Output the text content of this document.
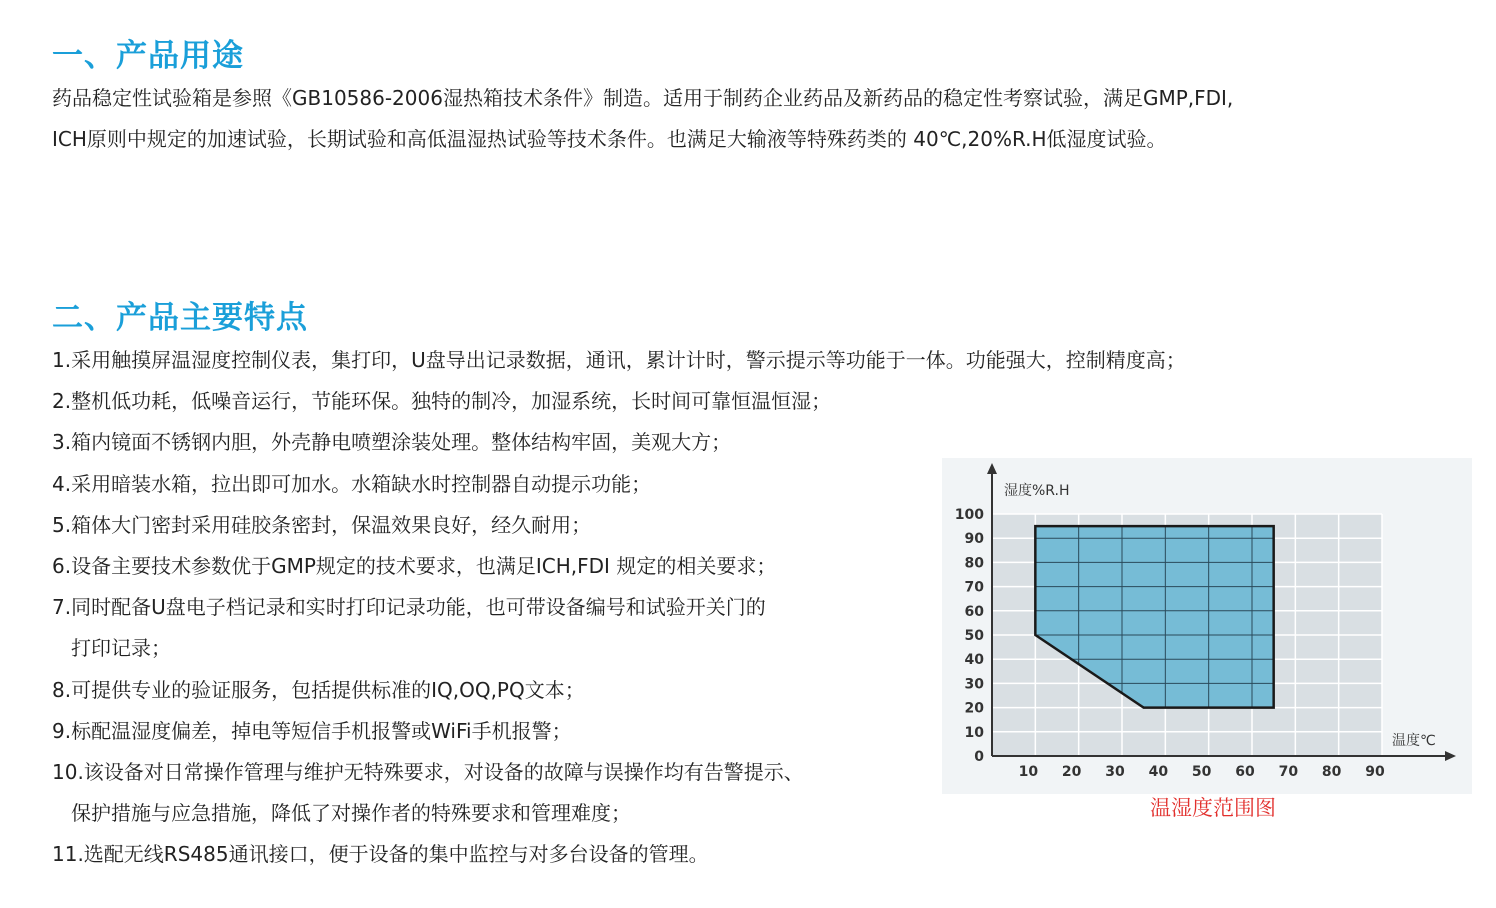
一、产品用途

药品稳定性试验箱是参照《GB10586-2006湿热箱技术条件》制造。适用于制药企业药品及新药品的稳定性考察试验，满足GMP,FDI,
ICH原则中规定的加速试验，长期试验和高低温湿热试验等技术条件。也满足大输液等特殊药类的 40℃,20%R.H低湿度试验。

二、产品主要特点
1.采用触摸屏温湿度控制仪表，集打印，U盘导出记录数据，通讯，累计计时，警示提示等功能于一体。功能强大，控制精度高；
2.整机低功耗，低噪音运行，节能环保。独特的制冷，加湿系统，长时间可靠恒温恒湿；
3.箱内镜面不锈钢内胆，外壳静电喷塑涂装处理。整体结构牢固，美观大方；
4.采用暗装水箱，拉出即可加水。水箱缺水时控制器自动提示功能；
5.箱体大门密封采用硅胶条密封，保温效果良好，经久耐用；
6.设备主要技术参数优于GMP规定的技术要求，也满足ICH,FDI 规定的相关要求；
7.同时配备U盘电子档记录和实时打印记录功能，也可带设备编号和试验开关门的
打印记录；
8.可提供专业的验证服务，包括提供标准的IQ,OQ,PQ文本；
9.标配温湿度偏差，掉电等短信手机报警或WiFi手机报警；
10.该设备对日常操作管理与维护无特殊要求，对设备的故障与误操作均有告警提示、
保护措施与应急措施，降低了对操作者的特殊要求和管理难度；
11.选配无线RS485通讯接口，便于设备的集中监控与对多台设备的管理。
10 20 30 40 50 60 70 80 90
0
10
20
30
40
50
60
70
80
90
100
湿度%R.H
温度℃
温湿度范围图
